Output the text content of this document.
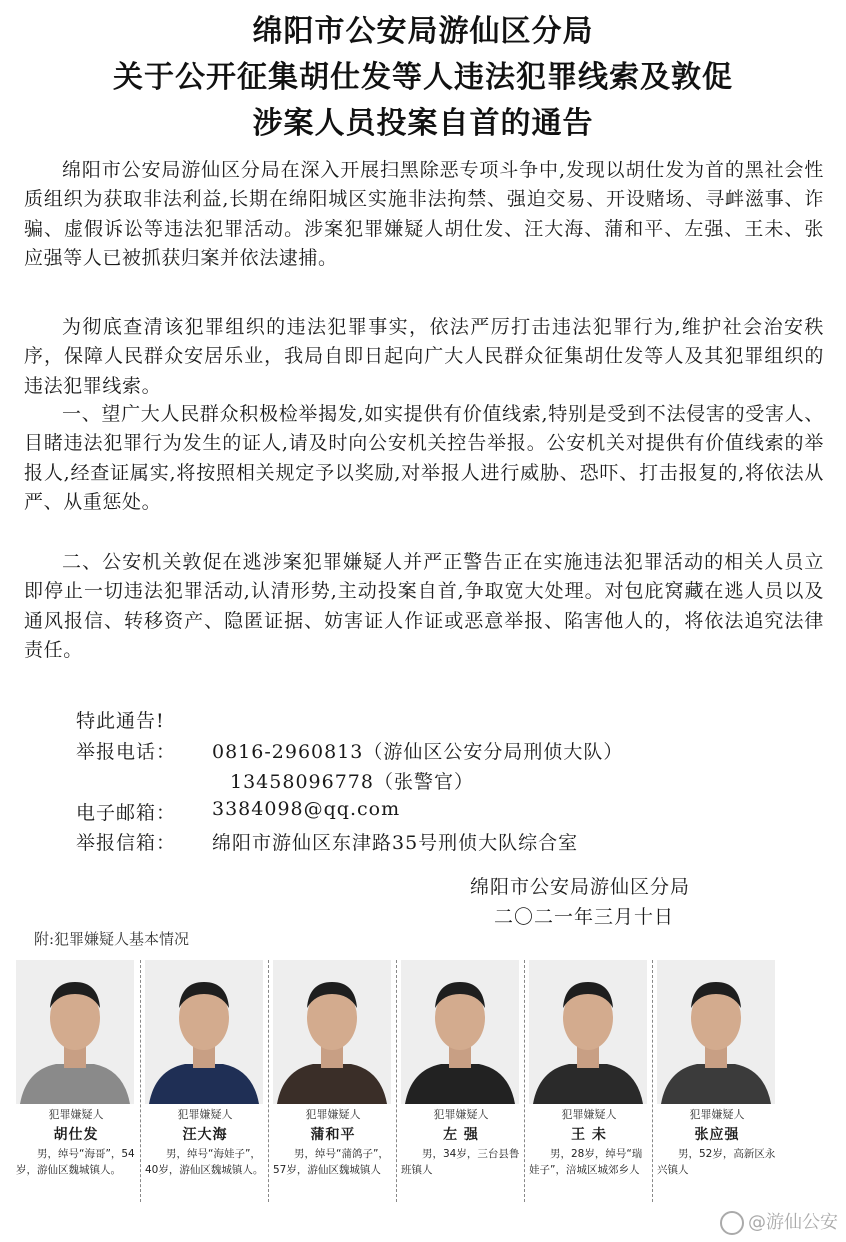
绵阳市公安局游仙区分局
关于公开征集胡仕发等人违法犯罪线索及敦促
涉案人员投案自首的通告

绵阳市公安局游仙区分局在深入开展扫黑除恶专项斗争中,发现以胡仕发为首的黑社会性质组织为获取非法利益,长期在绵阳城区实施非法拘禁、强迫交易、开设赌场、寻衅滋事、诈骗、虚假诉讼等违法犯罪活动。涉案犯罪嫌疑人胡仕发、汪大海、蒲和平、左强、王未、张应强等人已被抓获归案并依法逮捕。

为彻底查清该犯罪组织的违法犯罪事实，依法严厉打击违法犯罪行为,维护社会治安秩序，保障人民群众安居乐业，我局自即日起向广大人民群众征集胡仕发等人及其犯罪组织的违法犯罪线索。

一、望广大人民群众积极检举揭发,如实提供有价值线索,特别是受到不法侵害的受害人、目睹违法犯罪行为发生的证人,请及时向公安机关控告举报。公安机关对提供有价值线索的举报人,经查证属实,将按照相关规定予以奖励,对举报人进行威胁、恐吓、打击报复的,将依法从严、从重惩处。

二、公安机关敦促在逃涉案犯罪嫌疑人并严正警告正在实施违法犯罪活动的相关人员立即停止一切违法犯罪活动,认清形势,主动投案自首,争取宽大处理。对包庇窝藏在逃人员以及通风报信、转移资产、隐匿证据、妨害证人作证或恶意举报、陷害他人的，将依法追究法律责任。

特此通告!
举报电话： 0816-2960813（游仙区公安分局刑侦大队）
13458096778（张警官）
电子邮箱： 3384098@qq.com
举报信箱： 绵阳市游仙区东津路35号刑侦大队综合室
绵阳市公安局游仙区分局
二〇二一年三月十日
附:犯罪嫌疑人基本情况
犯罪嫌疑人
胡仕发
男，绰号“海哥”，54岁，游仙区魏城镇人。
犯罪嫌疑人
汪大海
男，绰号“海娃子”，40岁，游仙区魏城镇人。
犯罪嫌疑人
蒲和平
男，绰号“蒲鸽子”，57岁，游仙区魏城镇人
犯罪嫌疑人
左 强
男，34岁，三台县鲁班镇人
犯罪嫌疑人
王 未
男，28岁，绰号“瑞娃子”，涪城区城郊乡人
犯罪嫌疑人
张应强
男，52岁，高新区永兴镇人
@游仙公安
